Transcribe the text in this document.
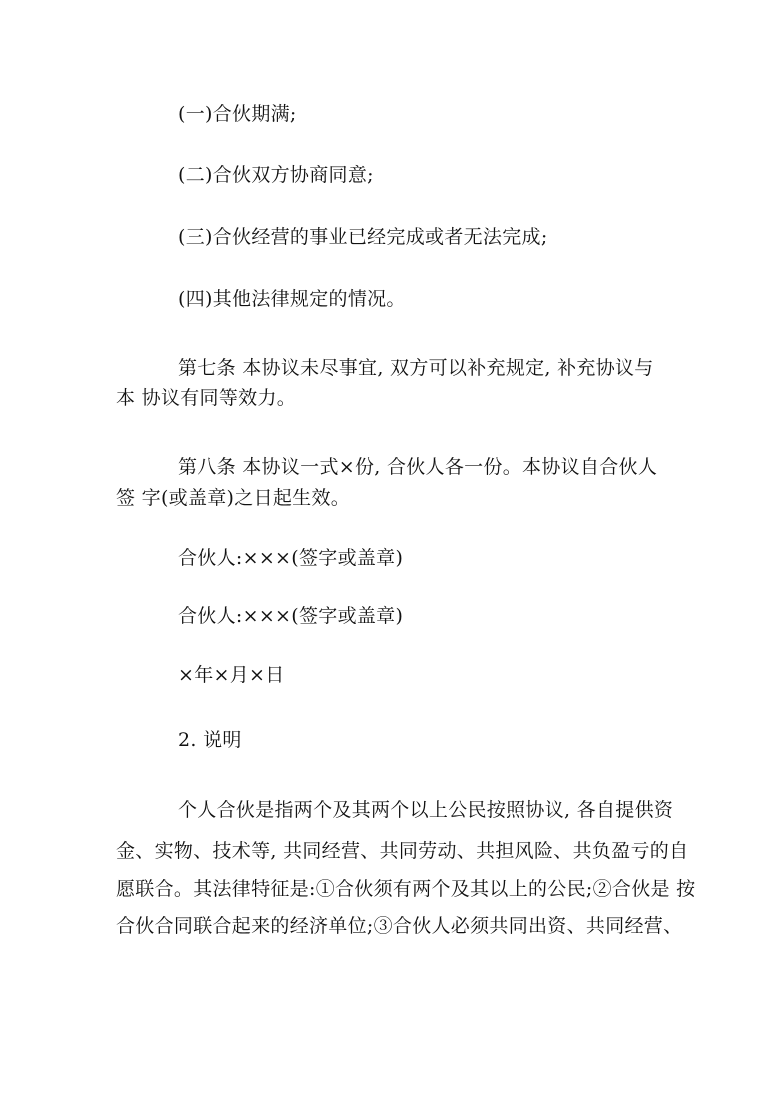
(一)合伙期满;
(二)合伙双方协商同意;
(三)合伙经营的事业已经完成或者无法完成;
(四)其他法律规定的情况。
第七条 本协议未尽事宜, 双方可以补充规定, 补充协议与
本 协议有同等效力。
第八条 本协议一式×份, 合伙人各一份。本协议自合伙人
签 字(或盖章)之日起生效。
合伙人:×××(签字或盖章)
合伙人:×××(签字或盖章)
×年×月×日
2. 说明
个人合伙是指两个及其两个以上公民按照协议, 各自提供资
金、实物、技术等, 共同经营、共同劳动、共担风险、共负盈亏的自
愿联合。其法律特征是:①合伙须有两个及其以上的公民;②合伙是 按
合伙合同联合起来的经济单位;③合伙人必须共同出资、共同经营、
